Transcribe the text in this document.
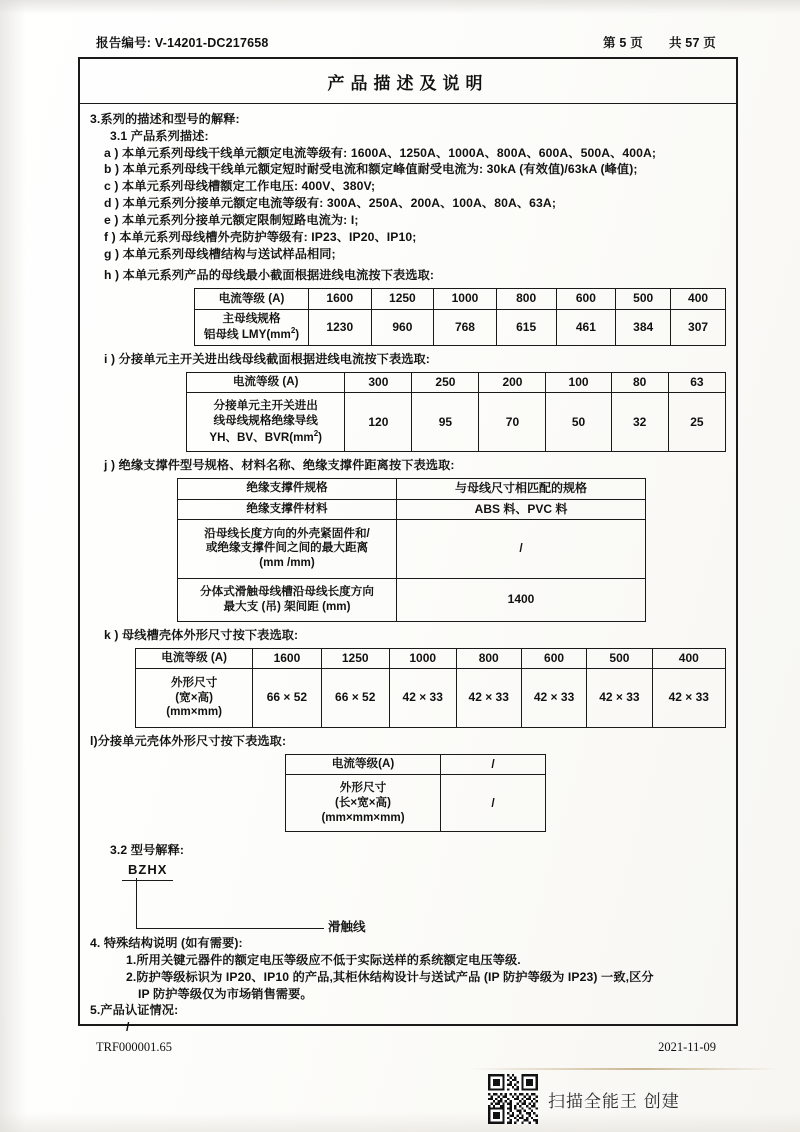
报告编号: V-14201-DC217658	第 5 页 共 57 页
产品描述及说明
3.系列的描述和型号的解释:
3.1 产品系列描述:
a ) 本单元系列母线干线单元额定电流等级有: 1600A、1250A、1000A、800A、600A、500A、400A;
b ) 本单元系列母线干线单元额定短时耐受电流和额定峰值耐受电流为: 30kA (有效值)/63kA (峰值);
c ) 本单元系列母线槽额定工作电压: 400V、380V;
d ) 本单元系列分接单元额定电流等级有: 300A、250A、200A、100A、80A、63A;
e ) 本单元系列分接单元额定限制短路电流为: I;
f ) 本单元系列母线槽外壳防护等级有: IP23、IP20、IP10;
g ) 本单元系列母线槽结构与送试样品相同;
h ) 本单元系列产品的母线最小截面根据进线电流按下表选取:
电流等级 (A)	1600	1250	1000	800	600	500	400
主母线规格
铝母线 $LMY(mm^2)$	1230	960	768	615	461	384	307
i ) 分接单元主开关进出线母线截面根据进线电流按下表选取:
电流等级 (A)	300	250	200	100	80	63
分接单元主开关进出
线母线规格绝缘导线
YH、BV、$BVR(mm^2)$	120	95	70	50	32	25
j ) 绝缘支撑件型号规格、材料名称、绝缘支撑件距离按下表选取:
绝缘支撑件规格	与母线尺寸相匹配的规格
绝缘支撑件材料	ABS 料、PVC 料
沿母线长度方向的外壳紧固件和/
或绝缘支撑件间之间的最大距离
(mm /mm)	/
分体式滑触母线槽沿母线长度方向
最大支 (吊) 架间距 (mm)	1400
k ) 母线槽壳体外形尺寸按下表选取:
电流等级 (A)	1600	1250	1000	800	600	500	400
外形尺寸
(宽×高)
(mm×mm)	66 × 52	66 × 52	42 × 33	42 × 33	42 × 33	42 × 33	42 × 33
l)分接单元壳体外形尺寸按下表选取:
电流等级(A)	/
外形尺寸
(长×宽×高)
(mm×mm×mm)	/
3.2 型号解释:
BZHX
滑触线
4. 特殊结构说明 (如有需要):
1.所用关键元器件的额定电压等级应不低于实际送样的系统额定电压等级.
2.防护等级标识为 IP20、IP10 的产品,其柜休结构设计与送试产品 (IP 防护等级为 IP23) 一致,区分
IP 防护等级仅为市场销售需要。
5.产品认证情况:
/
TRF000001.65	2021-11-09
扫描全能王 创建
